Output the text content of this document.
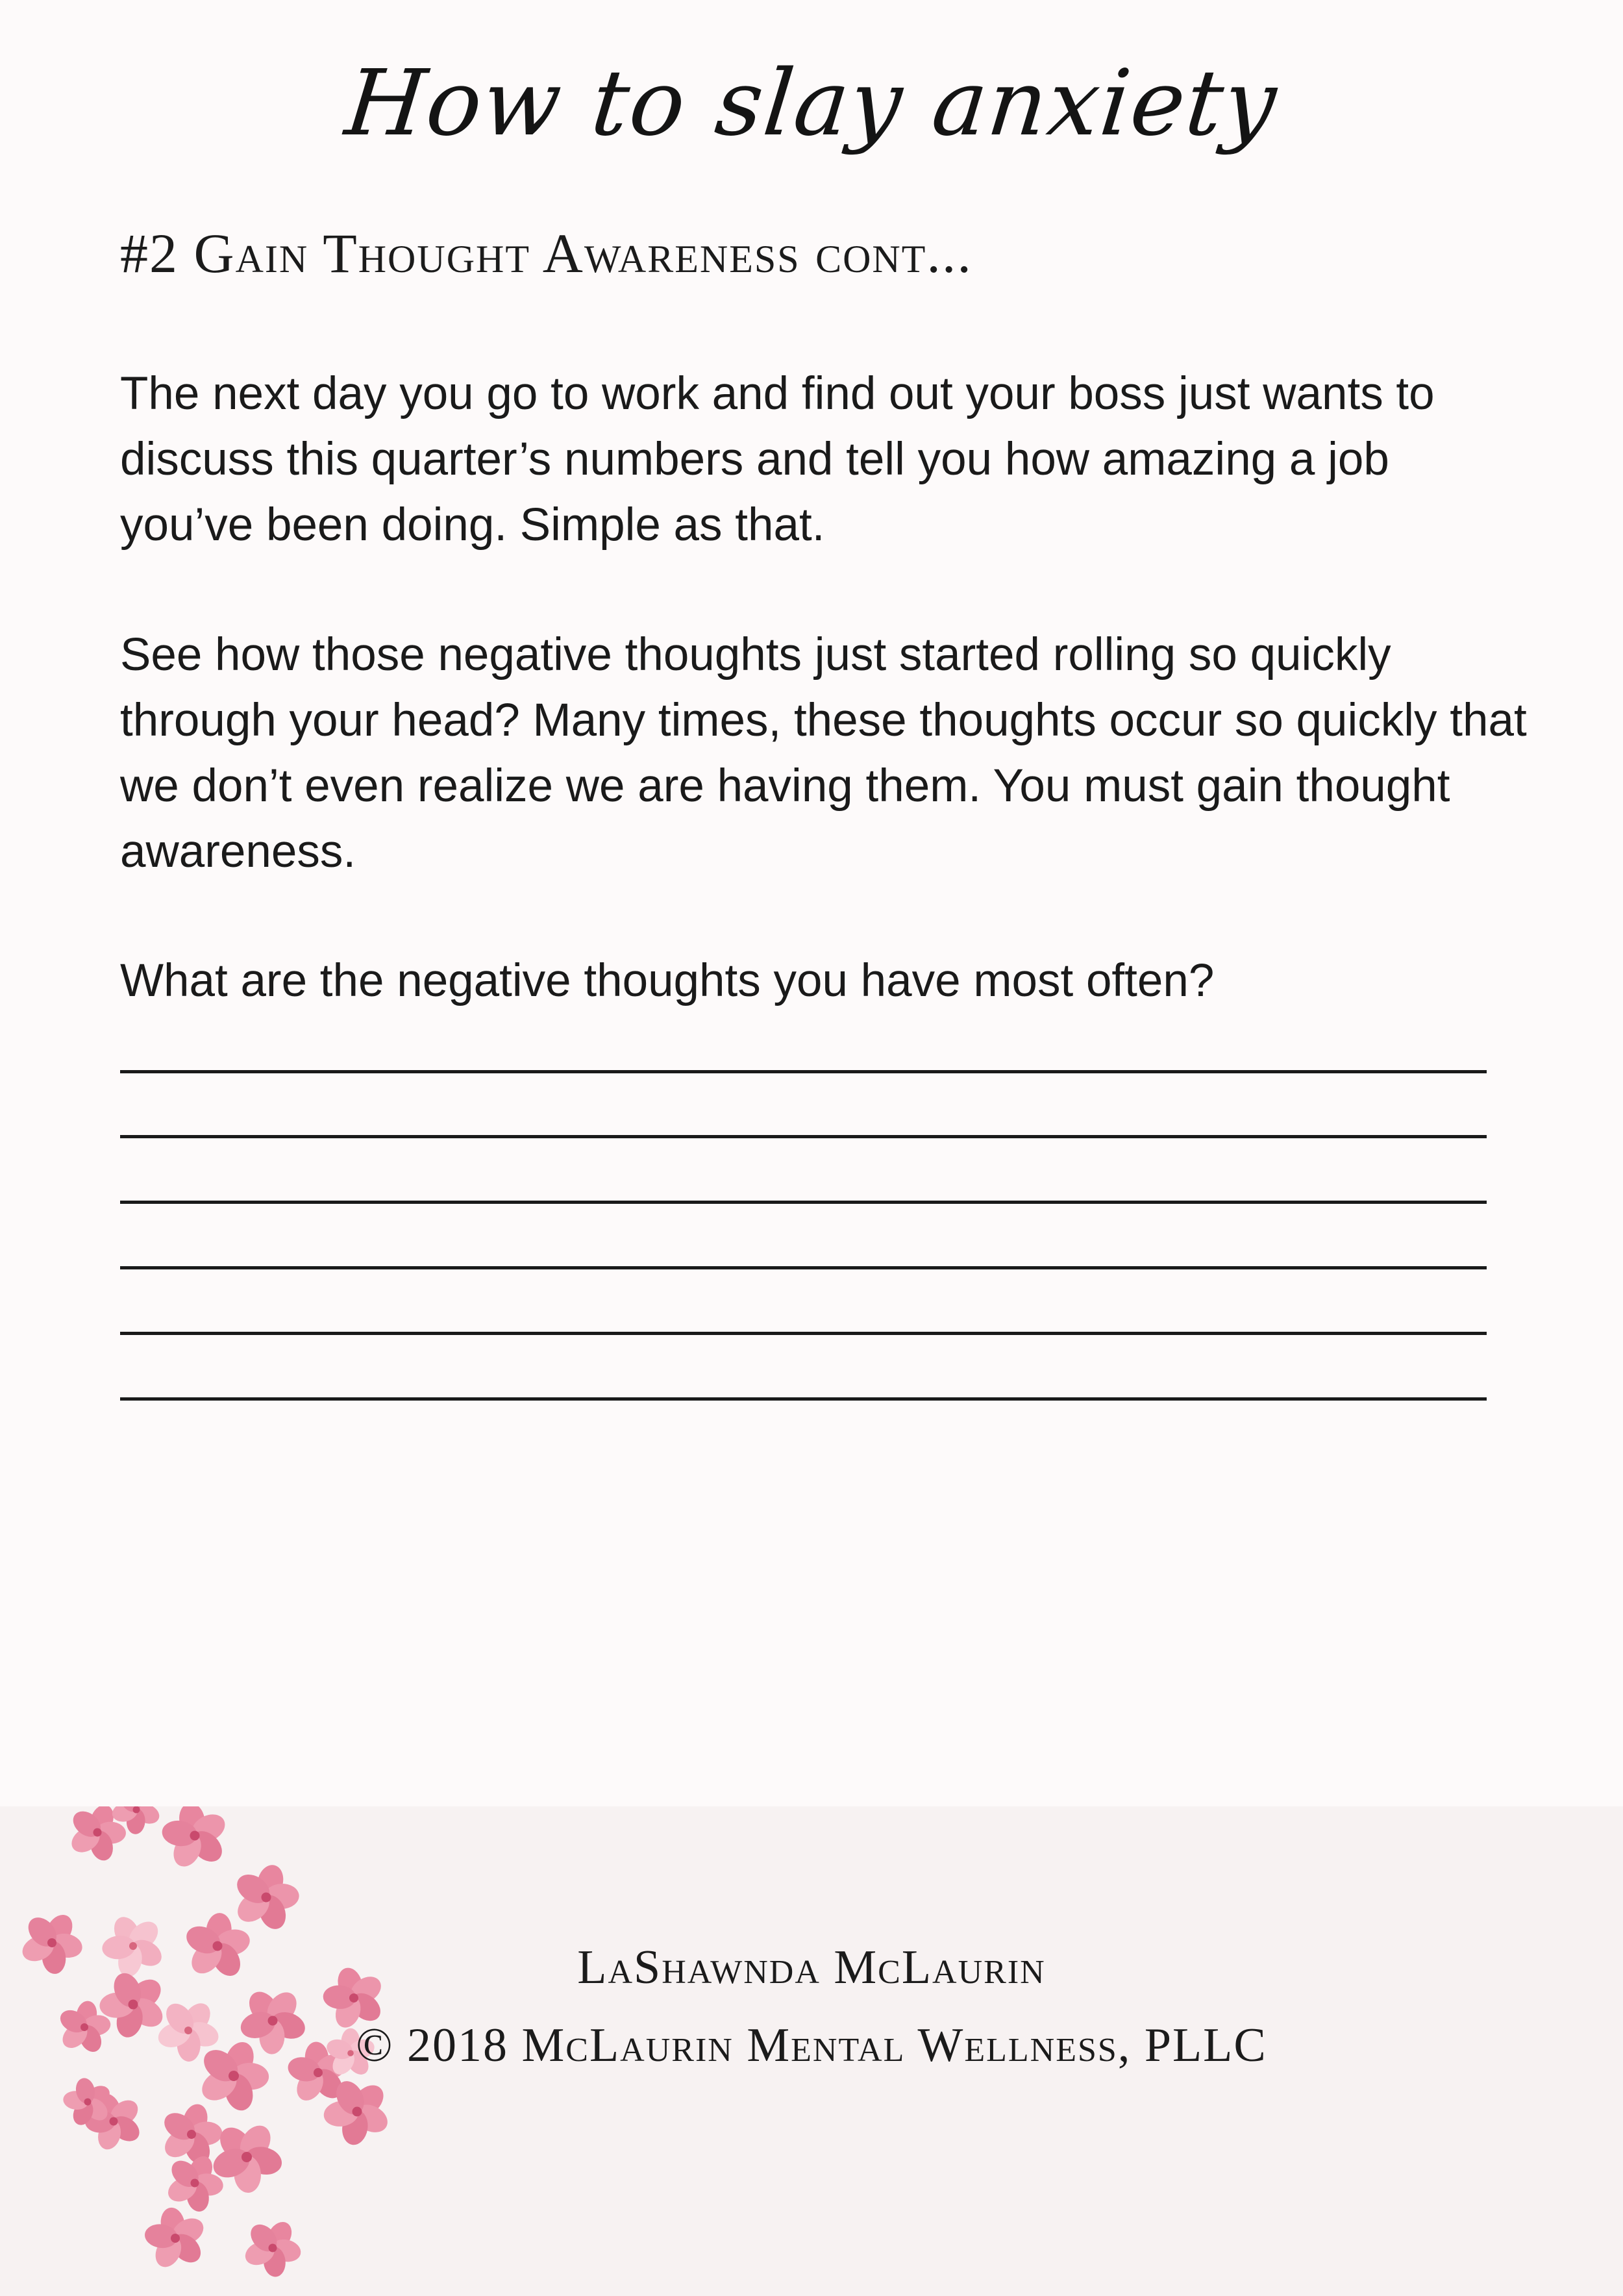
How to slay anxiety
#2 Gain Thought Awareness cont...

The next day you go to work and find out your boss just wants to discuss this quarter’s numbers and tell you how amazing a job you’ve been doing. Simple as that.

See how those negative thoughts just started rolling so quickly through your head? Many times, these thoughts occur so quickly that we don’t even realize we are having them. You must gain thought awareness.

What are the negative thoughts you have most often?

LaShawnda McLaurin
© 2018 McLaurin Mental Wellness, PLLC
